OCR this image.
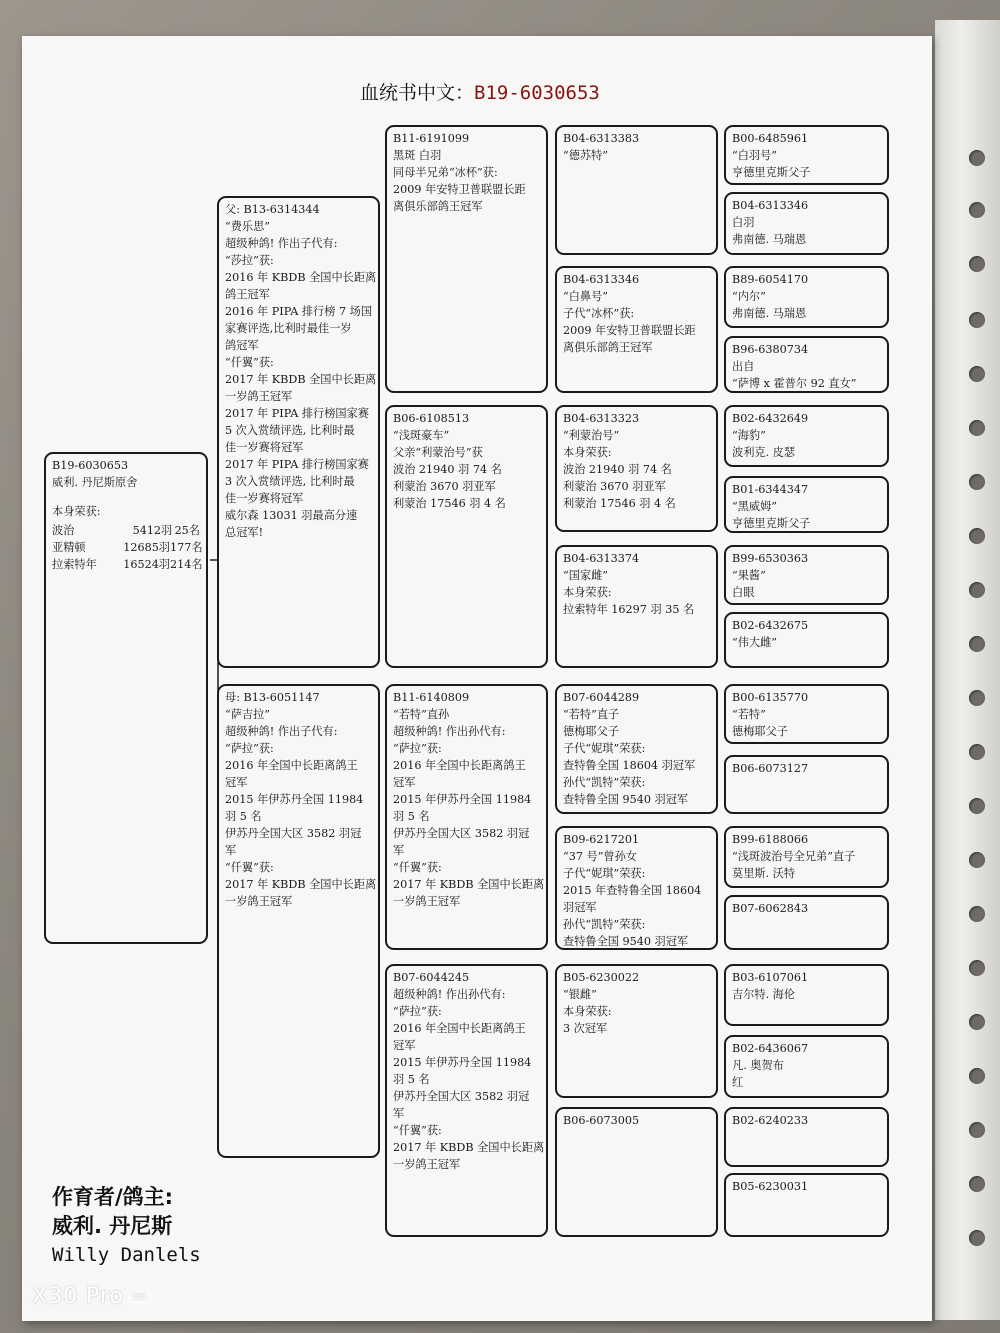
血统书中文：B19-6030653
B19-6030653
威利. 丹尼斯原舍
本身荣获:
波治	5412羽 25名
亚精顿	12685羽 177名
拉索特年	16524羽 214名
父: B13-6314344
“费乐思”
超级种鸽! 作出子代有:
“莎拉”获:
2016 年 KBDB 全国中长距离
鸽王冠军
2016 年 PIPA 排行榜 7 场国
家赛评选,比利时最佳一岁
鸽冠军
“仟翼”获:
2017 年 KBDB 全国中长距离
一岁鸽王冠军
2017 年 PIPA 排行榜国家赛
5 次入赏绩评选, 比利时最
佳一岁赛将冠军
2017 年 PIPA 排行榜国家赛
3 次入赏绩评选, 比利时最
佳一岁赛将冠军
威尔森 13031 羽最高分速
总冠军!
母: B13-6051147
“萨吉拉”
超级种鸽! 作出子代有:
“萨拉”获:
2016 年全国中长距离鸽王
冠军
2015 年伊苏丹全国 11984
羽 5 名
伊苏丹全国大区 3582 羽冠
军
“仟翼”获:
2017 年 KBDB 全国中长距离
一岁鸽王冠军
B11-6191099
黑斑 白羽
同母半兄弟“冰杯”获:
2009 年安特卫普联盟长距
离俱乐部鸽王冠军
B06-6108513
“浅斑豪车”
父亲“利蒙治号”获
波治 21940 羽 74 名
利蒙治 3670 羽亚军
利蒙治 17546 羽 4 名
B11-6140809
“若特”直孙
超级种鸽! 作出孙代有:
“萨拉”获:
2016 年全国中长距离鸽王
冠军
2015 年伊苏丹全国 11984
羽 5 名
伊苏丹全国大区 3582 羽冠
军
“仟翼”获:
2017 年 KBDB 全国中长距离
一岁鸽王冠军
B07-6044245
超级种鸽! 作出孙代有:
“萨拉”获:
2016 年全国中长距离鸽王
冠军
2015 年伊苏丹全国 11984
羽 5 名
伊苏丹全国大区 3582 羽冠
军
“仟翼”获:
2017 年 KBDB 全国中长距离
一岁鸽王冠军
B04-6313383
“德苏特”
B04-6313346
“白鼻号”
子代“冰杯”获:
2009 年安特卫普联盟长距
离俱乐部鸽王冠军
B04-6313323
“利蒙治号”
本身荣获:
波治 21940 羽 74 名
利蒙治 3670 羽亚军
利蒙治 17546 羽 4 名
B04-6313374
“国家雌”
本身荣获:
拉索特年 16297 羽 35 名
B07-6044289
“若特”直子
德梅耶父子
子代“妮琪”荣获:
查特鲁全国 18604 羽冠军
孙代“凯特”荣获:
查特鲁全国 9540 羽冠军
B09-6217201
“37 号”曾孙女
子代“妮琪”荣获:
2015 年查特鲁全国 18604
羽冠军
孙代“凯特”荣获:
查特鲁全国 9540 羽冠军
B05-6230022
“银雌”
本身荣获:
3 次冠军
B06-6073005
B00-6485961
“白羽号”
亨德里克斯父子
B04-6313346
白羽
弗南德. 马瑞恩
B89-6054170
“内尔”
弗南德. 马瑞恩
B96-6380734
出自
“萨博 x 霍普尔 92 直女”
B02-6432649
“海豹”
波利克. 皮瑟
B01-6344347
“黑威姆”
亨德里克斯父子
B99-6530363
“果酱”
白眼
B02-6432675
“伟大雌”
B00-6135770
“若特”
德梅耶父子
B06-6073127
B99-6188066
“浅斑波治号全兄弟”直子
莫里斯. 沃特
B07-6062843
B03-6107061
吉尔特. 海伦
B02-6436067
凡. 奥贺布
红
B02-6240233
B05-6230031
作育者/鸽主:
威利. 丹尼斯
Willy Danlels
X30 Pro 5G
